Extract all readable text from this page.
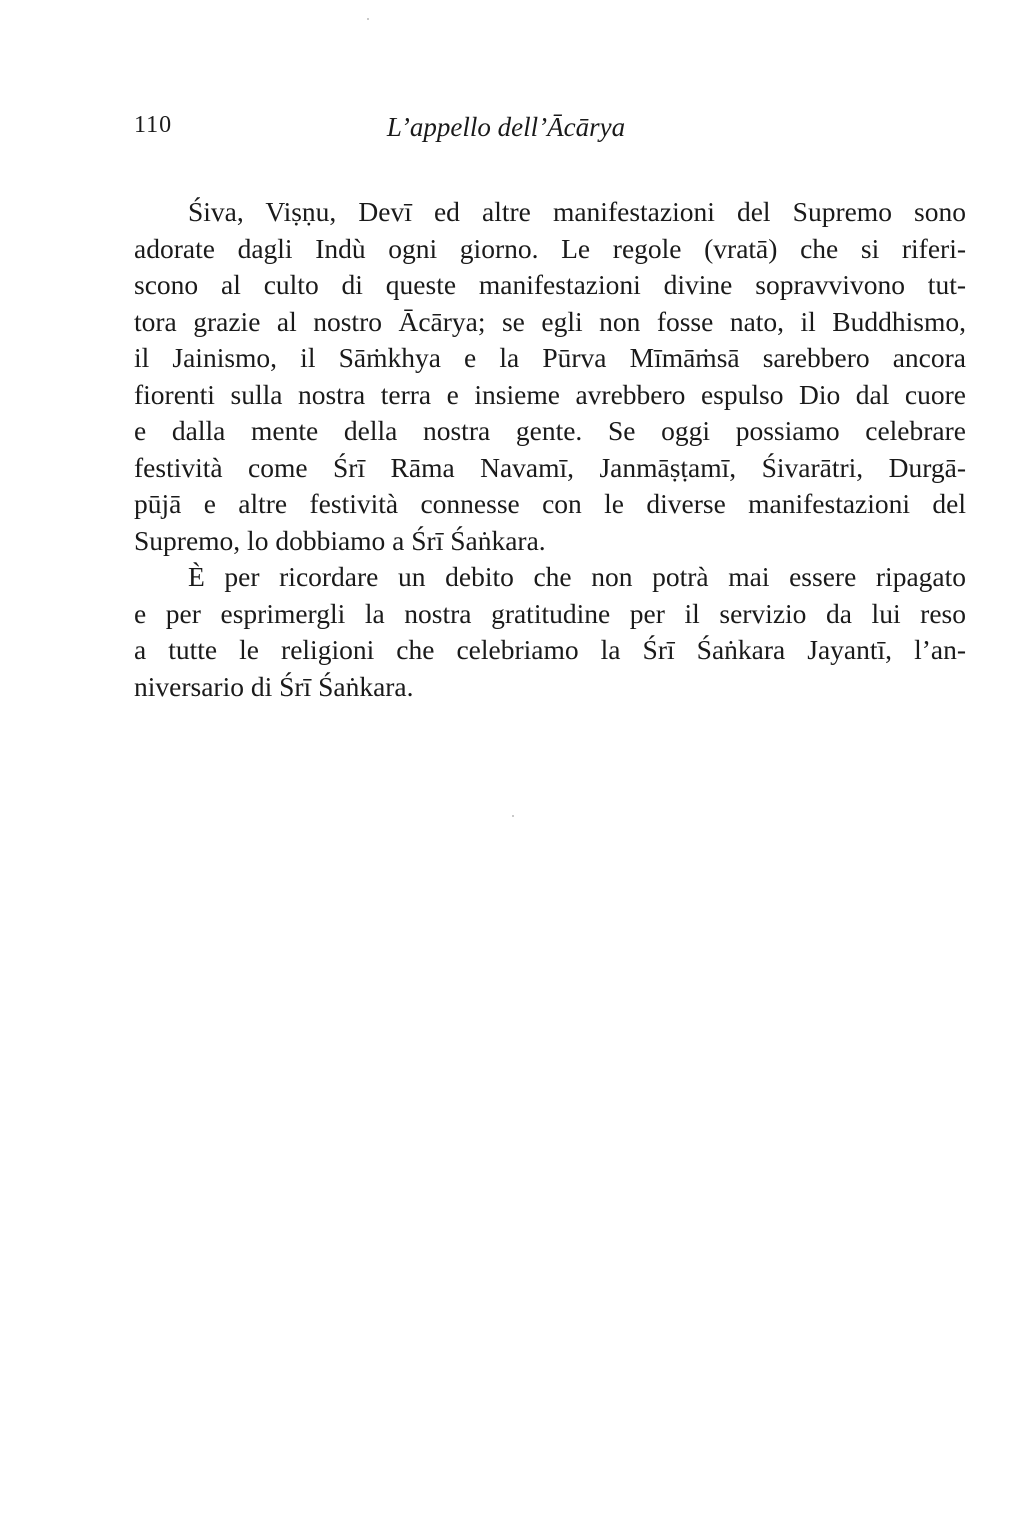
110	L’appello dell’Ācārya
Śiva, Viṣṇu, Devī ed altre manifestazioni del Supremo sono
adorate dagli Indù ogni giorno. Le regole (vratā) che si riferi-
scono al culto di queste manifestazioni divine sopravvivono tut-
tora grazie al nostro Ācārya; se egli non fosse nato, il Buddhismo,
il Jainismo, il Sāṁkhya e la Pūrva Mīmāṁsā sarebbero ancora
fiorenti sulla nostra terra e insieme avrebbero espulso Dio dal cuore
e dalla mente della nostra gente. Se oggi possiamo celebrare
festività come Śrī Rāma Navamī, Janmāṣṭamī, Śivarātri, Durgā-
pūjā e altre festività connesse con le diverse manifestazioni del
Supremo, lo dobbiamo a Śrī Śaṅkara.
È per ricordare un debito che non potrà mai essere ripagato
e per esprimergli la nostra gratitudine per il servizio da lui reso
a tutte le religioni che celebriamo la Śrī Śaṅkara Jayantī, l’an-
niversario di Śrī Śaṅkara.
